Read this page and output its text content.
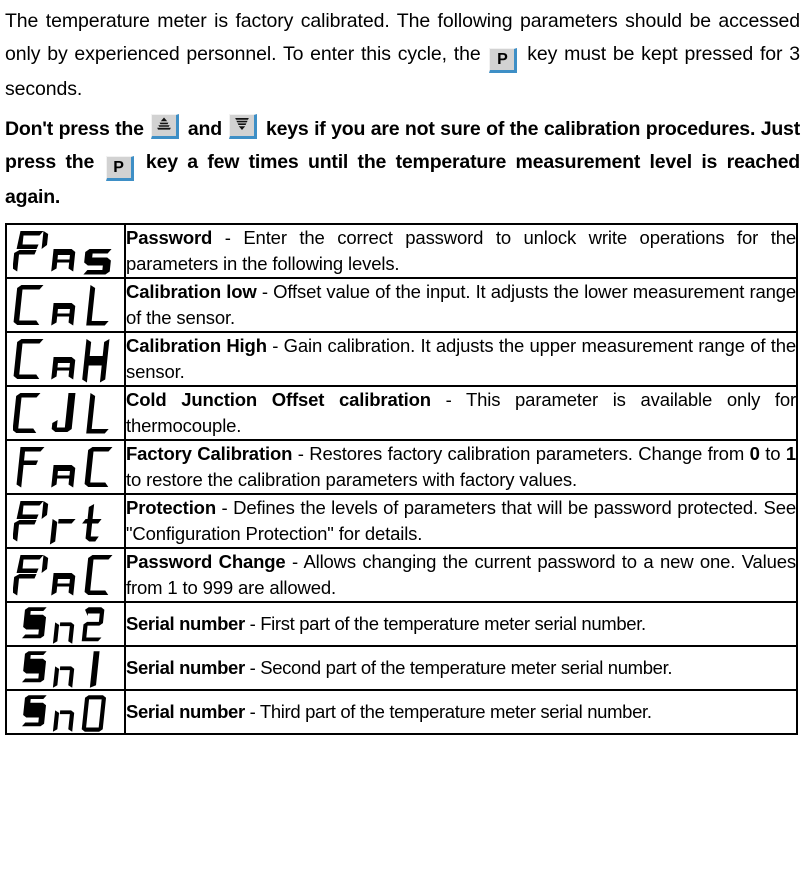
The temperature meter is factory calibrated. The following parameters should be accessed only by experienced personnel. To enter this cycle, the P key must be kept pressed for 3 seconds.

Don't press the
and
keys if you are not sure of the calibration procedures. Just press the P key a few times until the temperature measurement level is reached again.

	Password - Enter the correct password to unlock write operations for the parameters in the following levels.

	Calibration low - Offset value of the input. It adjusts the lower measurement range of the sensor.

	Calibration High - Gain calibration. It adjusts the upper measurement range of the sensor.

	Cold Junction Offset calibration - This parameter is available only for thermocouple.

	Factory Calibration - Restores factory calibration parameters. Change from 0 to 1 to restore the calibration parameters with factory values.

	Protection - Defines the levels of parameters that will be password protected. See "Configuration Protection" for details.

	Password Change - Allows changing the current password to a new one. Values from 1 to 999 are allowed.

	Serial number - First part of the temperature meter serial number.

	Serial number - Second part of the temperature meter serial number.

	Serial number - Third part of the temperature meter serial number.
